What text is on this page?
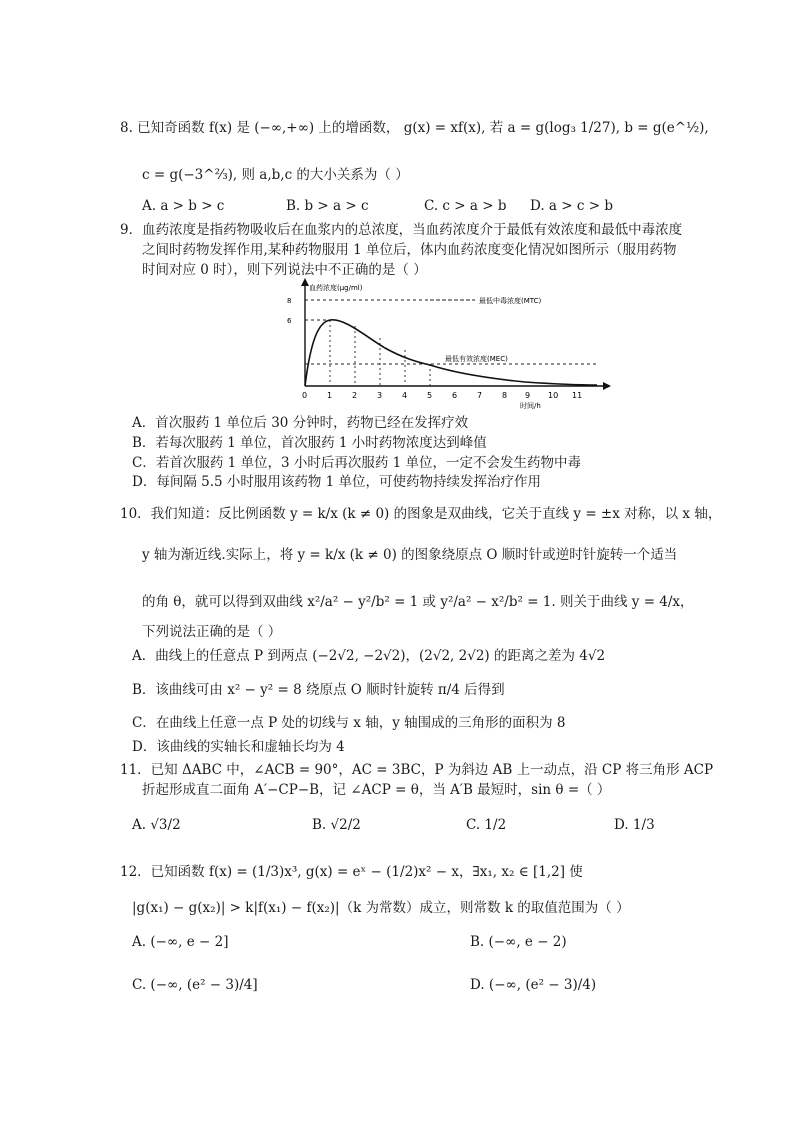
8. 已知奇函数 f(x) 是 (−∞,+∞) 上的增函数， g(x) = xf(x), 若 a = g(log₃ 1/27), b = g(e^½),
c = g(−3^⅔), 则 a,b,c 的大小关系为（ ）
A. a > b > c	B. b > a > c	C. c > a > b D. a > c > b
9．血药浓度是指药物吸收后在血浆内的总浓度，当血药浓度介于最低有效浓度和最低中毒浓度
之间时药物发挥作用,某种药物服用 1 单位后，体内血药浓度变化情况如图所示（服用药物
时间对应 0 时），则下列说法中不正确的是（ ）
血药浓度(μg/ml)
8
6
最低中毒浓度(MTC)
最低有效浓度(MEC)
0 1 2 3 4 5 6 7 8 9 10 11
时间/h
A．首次服药 1 单位后 30 分钟时，药物已经在发挥疗效
B．若每次服药 1 单位，首次服药 1 小时药物浓度达到峰值
C．若首次服药 1 单位，3 小时后再次服药 1 单位，一定不会发生药物中毒
D．每间隔 5.5 小时服用该药物 1 单位，可使药物持续发挥治疗作用
10．我们知道：反比例函数 y = k/x (k ≠ 0) 的图象是双曲线，它关于直线 y = ±x 对称，以 x 轴，
y 轴为渐近线.实际上，将 y = k/x (k ≠ 0) 的图象绕原点 O 顺时针或逆时针旋转一个适当
的角 θ，就可以得到双曲线 x²/a² − y²/b² = 1 或 y²/a² − x²/b² = 1. 则关于曲线 y = 4/x，
下列说法正确的是（ ）
A．曲线上的任意点 P 到两点 (−2√2, −2√2)，(2√2, 2√2) 的距离之差为 4√2
B．该曲线可由 x² − y² = 8 绕原点 O 顺时针旋转 π/4 后得到
C．在曲线上任意一点 P 处的切线与 x 轴，y 轴围成的三角形的面积为 8
D．该曲线的实轴长和虚轴长均为 4
11．已知 ΔABC 中，∠ACB = 90°，AC = 3BC，P 为斜边 AB 上一动点，沿 CP 将三角形 ACP
折起形成直二面角 A′−CP−B，记 ∠ACP = θ，当 A′B 最短时，sin θ =（ ）
A. √3/2	B. √2/2	C. 1/2	D. 1/3
12．已知函数 f(x) = (1/3)x³, g(x) = eˣ − (1/2)x² − x，∃x₁, x₂ ∈ [1,2] 使
|g(x₁) − g(x₂)| > k|f(x₁) − f(x₂)|（k 为常数）成立，则常数 k 的取值范围为（ ）
A. (−∞, e − 2]	B. (−∞, e − 2)
C. (−∞, (e² − 3)/4]	D. (−∞, (e² − 3)/4)
